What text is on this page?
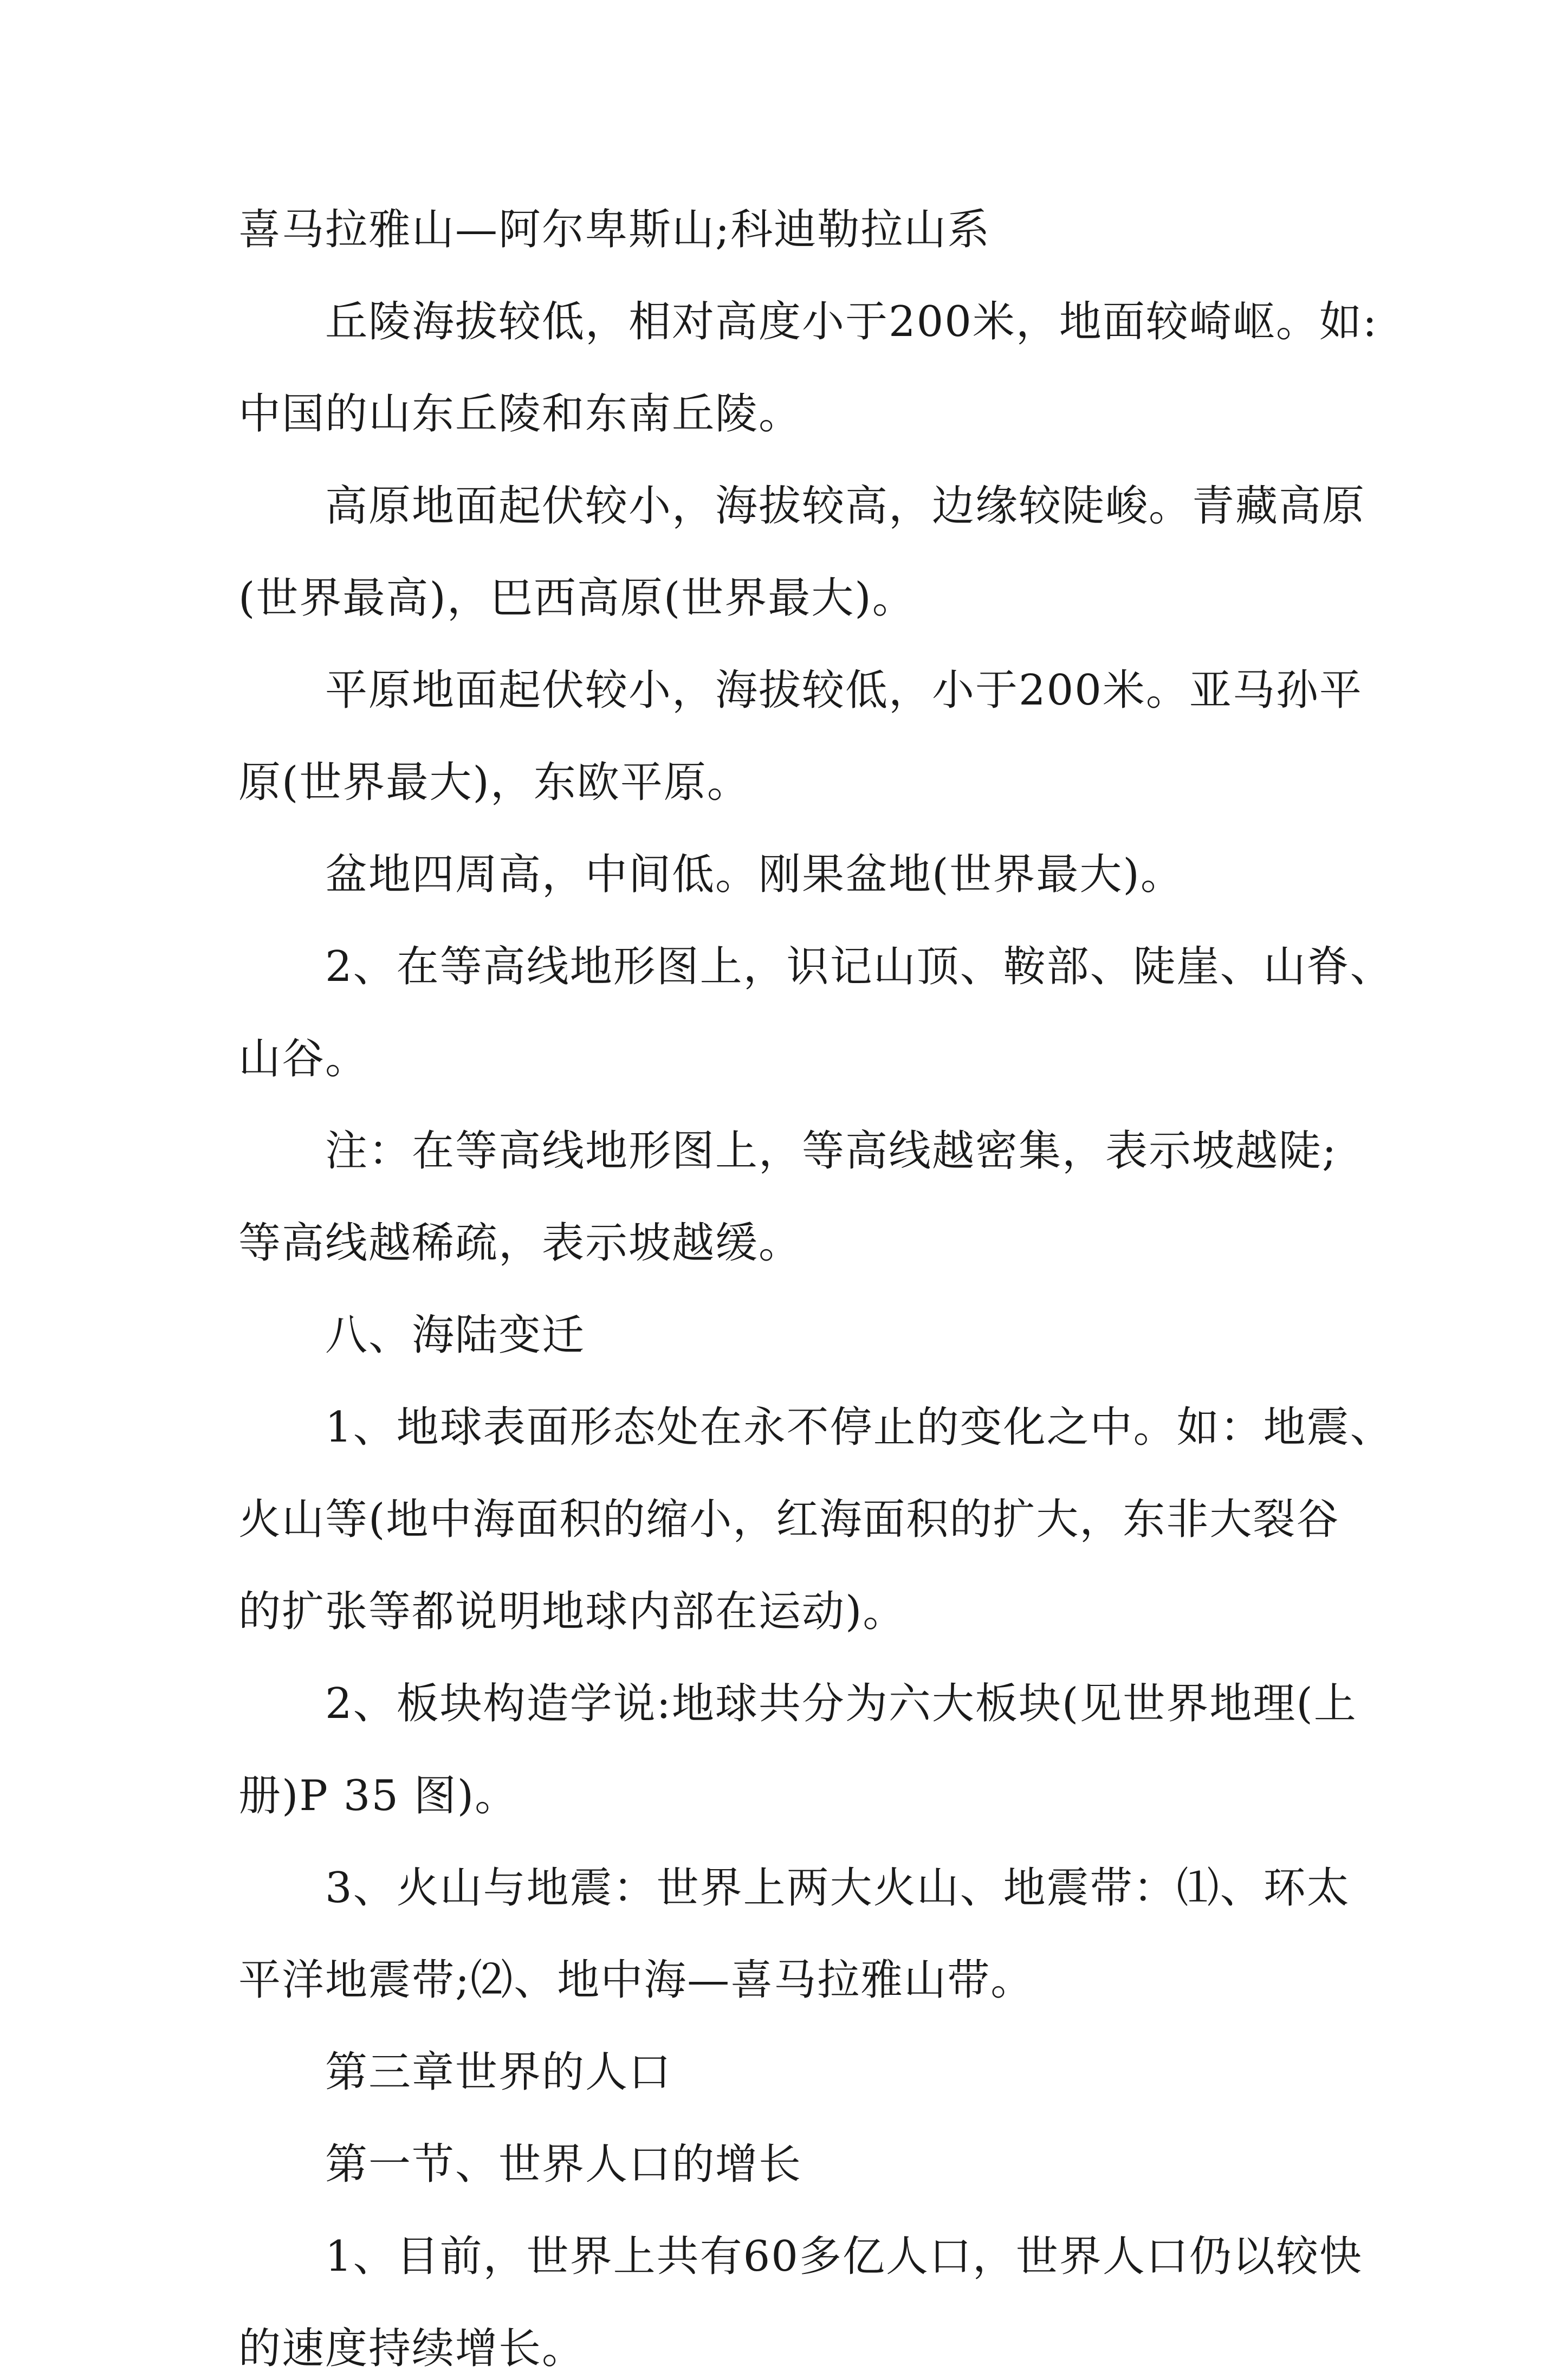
喜马拉雅山—阿尔卑斯山;科迪勒拉山系
丘陵海拔较低，相对高度小于200米，地面较崎岖。如:
中国的山东丘陵和东南丘陵。
高原地面起伏较小，海拔较高，边缘较陡峻。青藏高原
(世界最高)，巴西高原(世界最大)。
平原地面起伏较小，海拔较低，小于200米。亚马孙平
原(世界最大)，东欧平原。
盆地四周高，中间低。刚果盆地(世界最大)。
2、在等高线地形图上，识记山顶、鞍部、陡崖、山脊、
山谷。
注：在等高线地形图上，等高线越密集，表示坡越陡;
等高线越稀疏，表示坡越缓。
八、海陆变迁
1、地球表面形态处在永不停止的变化之中。如：地震、
火山等(地中海面积的缩小，红海面积的扩大，东非大裂谷
的扩张等都说明地球内部在运动)。
2、板块构造学说:地球共分为六大板块(见世界地理(上
册)P 35 图)。
3、火山与地震：世界上两大火山、地震带：⑴、环太
平洋地震带;⑵、地中海—喜马拉雅山带。
第三章世界的人口
第一节、世界人口的增长
1、目前，世界上共有60多亿人口，世界人口仍以较快
的速度持续增长。
